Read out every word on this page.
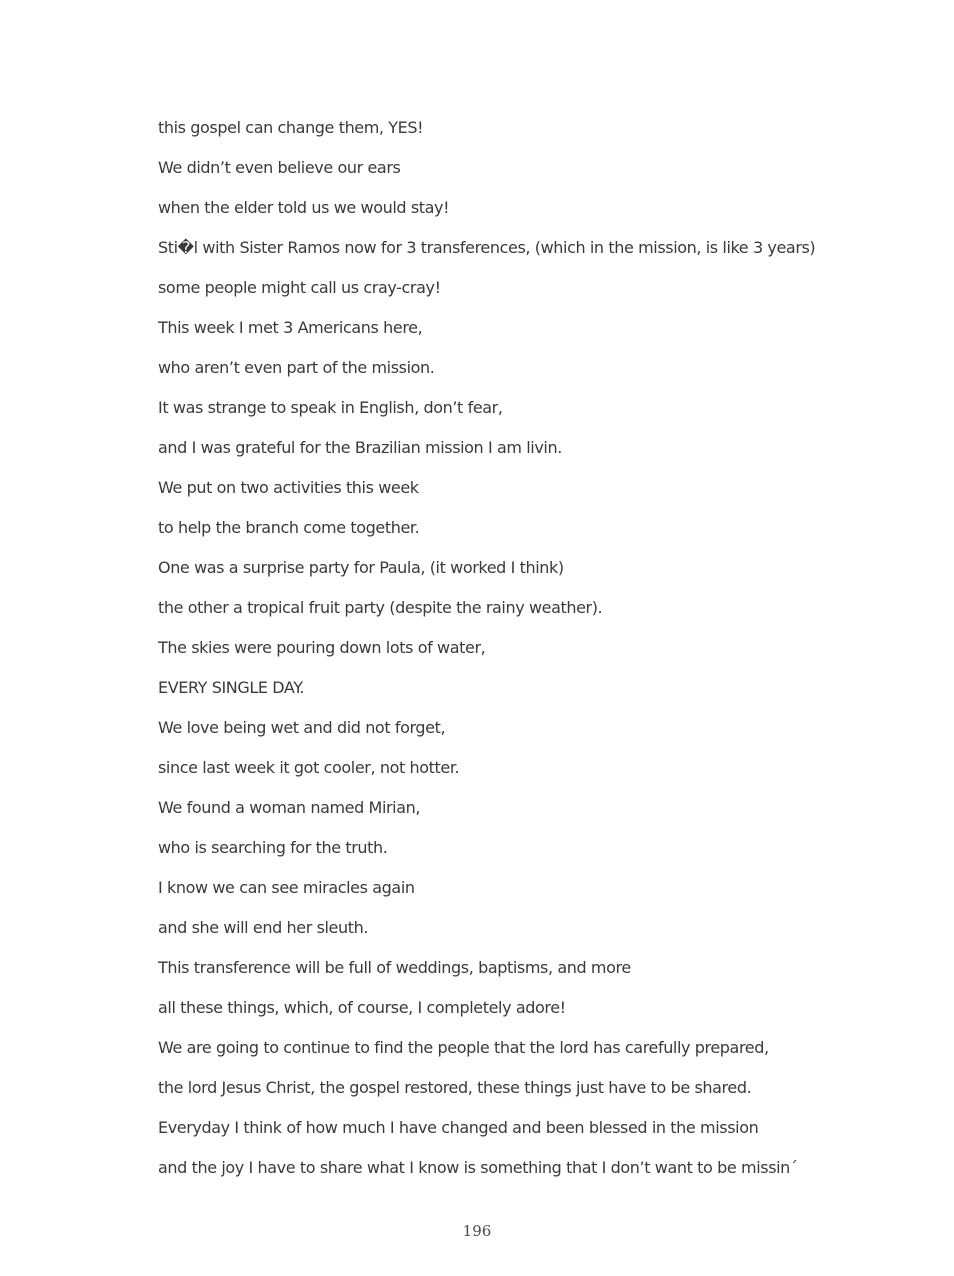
this gospel can change them, YES!
We didn’t even believe our ears
when the elder told us we would stay!
Sti�l with Sister Ramos now for 3 transferences, (which in the mission, is like 3 years)
some people might call us cray-cray!
This week I met 3 Americans here,
who aren’t even part of the mission.
It was strange to speak in English, don’t fear,
and I was grateful for the Brazilian mission I am livin.
We put on two activities this week
to help the branch come together.
One was a surprise party for Paula, (it worked I think)
the other a tropical fruit party (despite the rainy weather).
The skies were pouring down lots of water,
EVERY SINGLE DAY.
We love being wet and did not forget,
since last week it got cooler, not hotter.
We found a woman named Mirian,
who is searching for the truth.
I know we can see miracles again
and she will end her sleuth.
This transference will be full of weddings, baptisms, and more
all these things, which, of course, I completely adore!
We are going to continue to find the people that the lord has carefully prepared,
the lord Jesus Christ, the gospel restored, these things just have to be shared.
Everyday I think of how much I have changed and been blessed in the mission
and the joy I have to share what I know is something that I don’t want to be missin´
196
